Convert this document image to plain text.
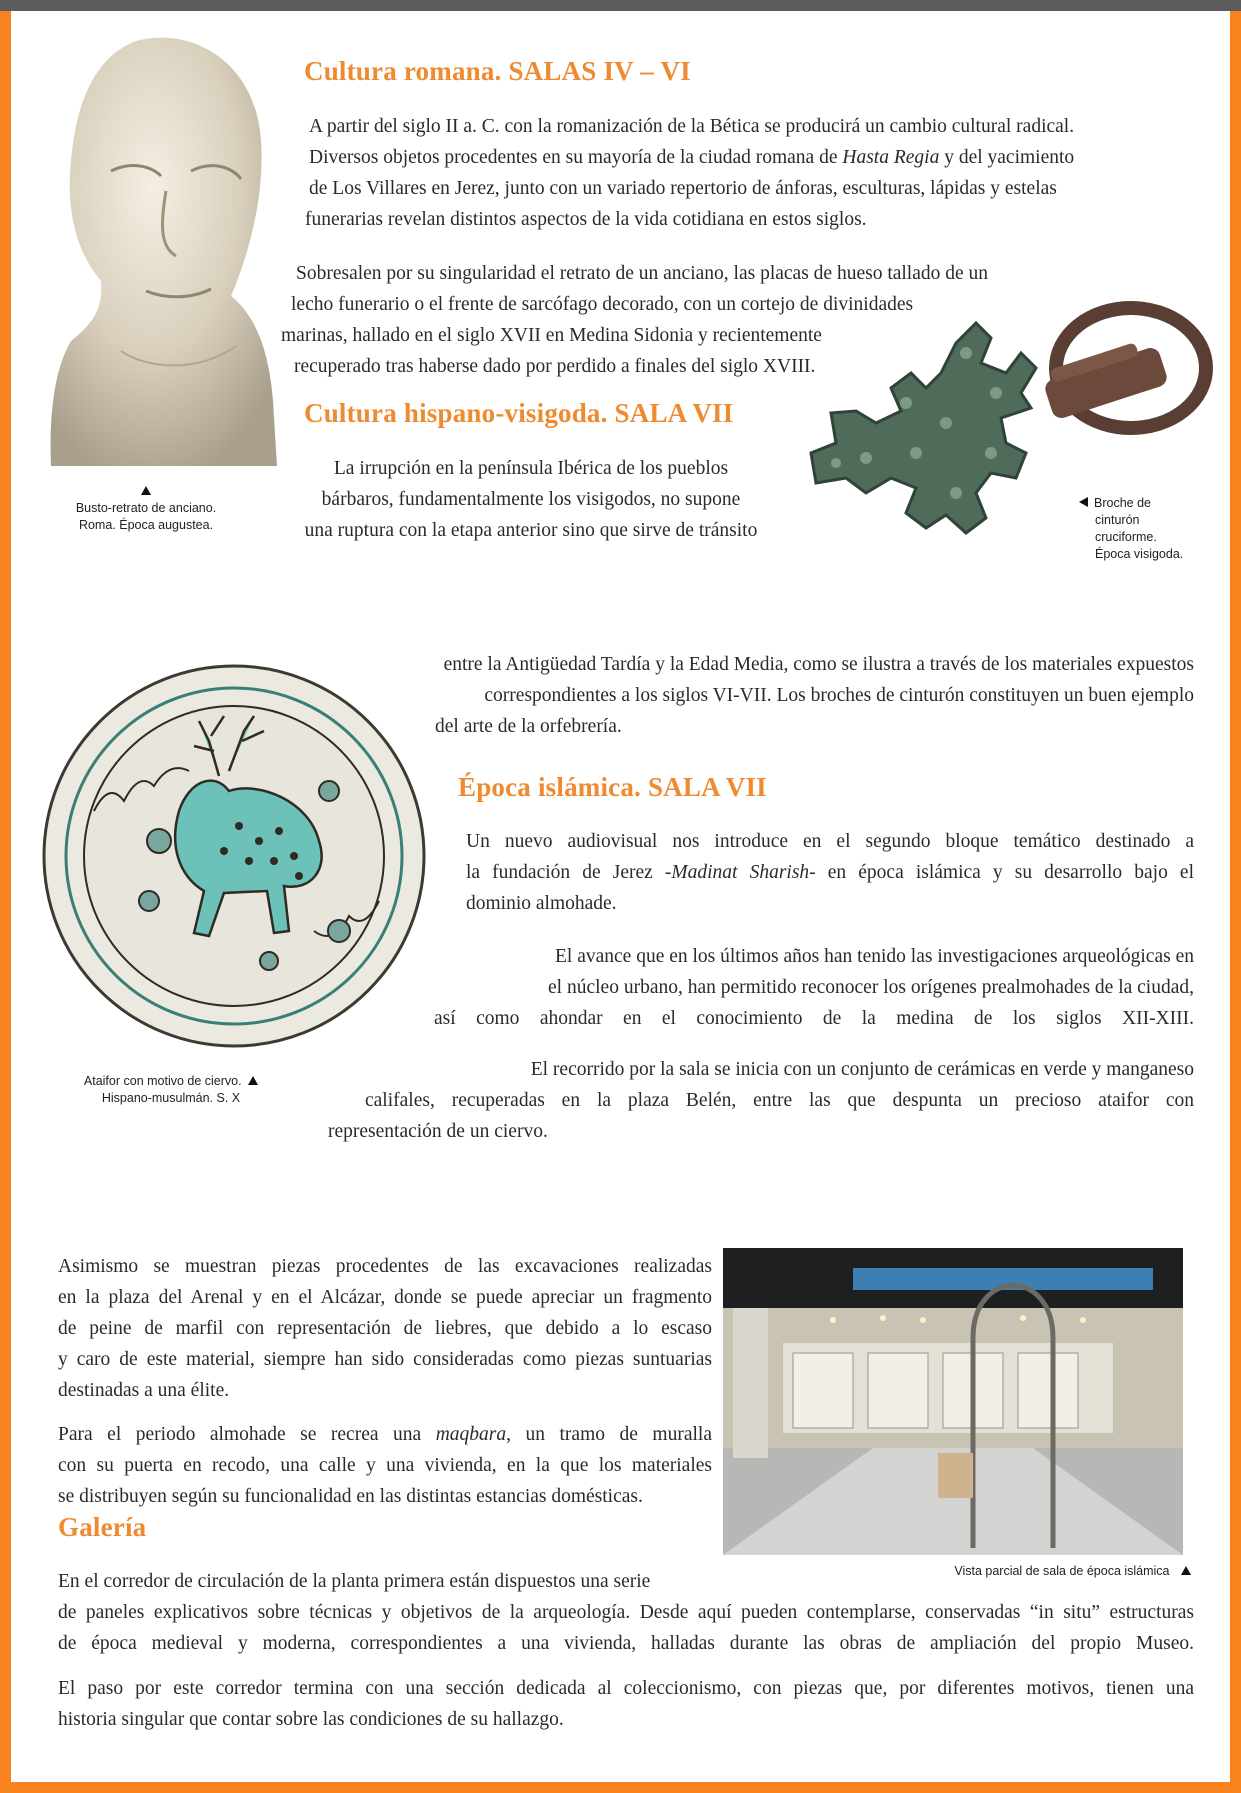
Busto-retrato de anciano.
Roma. Época augustea.
Cultura romana. SALAS IV – VI

A partir del siglo II a. C. con la romanización de la Bética se producirá un cambio cultural radical.

Diversos objetos procedentes en su mayoría de la ciudad romana de Hasta Regia y del yacimiento

de Los Villares en Jerez, junto con un variado repertorio de ánforas, esculturas, lápidas y estelas

funerarias revelan distintos aspectos de la vida cotidiana en estos siglos.

Sobresalen por su singularidad el retrato de un anciano, las placas de hueso tallado de un

lecho funerario o el frente de sarcófago decorado, con un cortejo de divinidades

marinas, hallado en el siglo XVII en Medina Sidonia y recientemente

recuperado tras haberse dado por perdido a finales del siglo XVIII.

Cultura hispano-visigoda. SALA VII

La irrupción en la península Ibérica de los pueblos

bárbaros, fundamentalmente los visigodos, no supone

una ruptura con la etapa anterior sino que sirve de tránsito

Broche de
cinturón
cruciforme.
Época visigoda.

entre la Antigüedad Tardía y la Edad Media, como se ilustra a través de los materiales expuestos

correspondientes a los siglos VI-VII. Los broches de cinturón constituyen un buen ejemplo

del arte de la orfebrería.

Ataifor con motivo de ciervo.
Hispano-musulmán. S. X
Época islámica. SALA VII

Un nuevo audiovisual nos introduce en el segundo bloque temático destinado a

la fundación de Jerez -Madinat Sharish- en época islámica y su desarrollo bajo el

dominio almohade.

El avance que en los últimos años han tenido las investigaciones arqueológicas en

el núcleo urbano, han permitido reconocer los orígenes prealmohades de la ciudad,

así como ahondar en el conocimiento de la medina de los siglos XII-XIII.

El recorrido por la sala se inicia con un conjunto de cerámicas en verde y manganeso

califales, recuperadas en la plaza Belén, entre las que despunta un precioso ataifor con

representación de un ciervo.

Asimismo se muestran piezas procedentes de las excavaciones realizadas

en la plaza del Arenal y en el Alcázar, donde se puede apreciar un fragmento

de peine de marfil con representación de liebres, que debido a lo escaso

y caro de este material, siempre han sido consideradas como piezas suntuarias

destinadas a una élite.

Para el periodo almohade se recrea una maqbara, un tramo de muralla

con su puerta en recodo, una calle y una vivienda, en la que los materiales

se distribuyen según su funcionalidad en las distintas estancias domésticas.

Vista parcial de sala de época islámica
Galería

En el corredor de circulación de la planta primera están dispuestos una serie

de paneles explicativos sobre técnicas y objetivos de la arqueología. Desde aquí pueden contemplarse, conservadas “in situ” estructuras

de época medieval y moderna, correspondientes a una vivienda, halladas durante las obras de ampliación del propio Museo.

El paso por este corredor termina con una sección dedicada al coleccionismo, con piezas que, por diferentes motivos, tienen una

historia singular que contar sobre las condiciones de su hallazgo.
